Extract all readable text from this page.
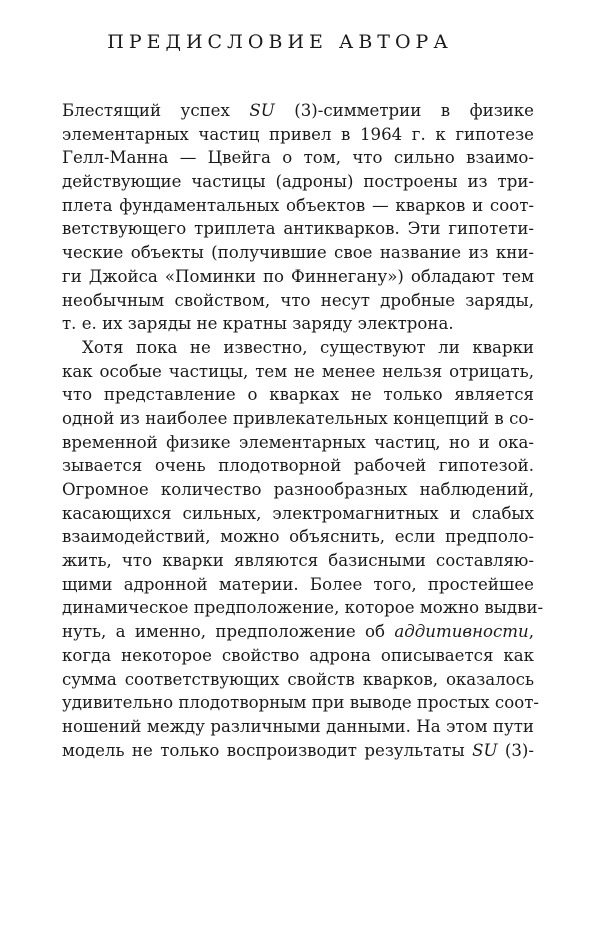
ПРЕДИСЛОВИЕ АВТОРА
Блестящий успех SU (3)-симметрии в физике
элементарных частиц привел в 1964 г. к гипотезе
Гелл-Манна — Цвейга о том, что сильно взаимо-
действующие частицы (адроны) построены из три-
плета фундаментальных объектов — кварков и соот-
ветствующего триплета антикварков. Эти гипотети-
ческие объекты (получившие свое название из кни-
ги Джойса «Поминки по Финнегану») обладают тем
необычным свойством, что несут дробные заряды,
т. е. их заряды не кратны заряду электрона.
Хотя пока не известно, существуют ли кварки
как особые частицы, тем не менее нельзя отрицать,
что представление о кварках не только является
одной из наиболее привлекательных концепций в со-
временной физике элементарных частиц, но и ока-
зывается очень плодотворной рабочей гипотезой.
Огромное количество разнообразных наблюдений,
касающихся сильных, электромагнитных и слабых
взаимодействий, можно объяснить, если предполо-
жить, что кварки являются базисными составляю-
щими адронной материи. Более того, простейшее
динамическое предположение, которое можно выдви-
нуть, а именно, предположение об аддитивности,
когда некоторое свойство адрона описывается как
сумма соответствующих свойств кварков, оказалось
удивительно плодотворным при выводе простых соот-
ношений между различными данными. На этом пути
модель не только воспроизводит результаты SU (3)-
